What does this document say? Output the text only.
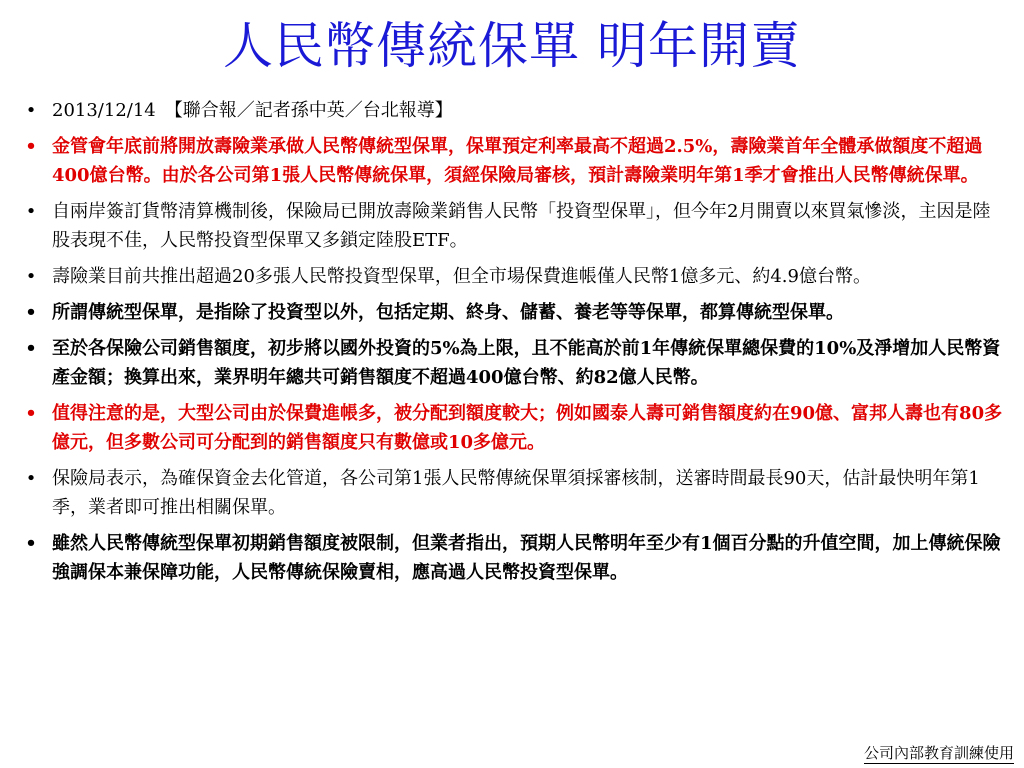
人民幣傳統保單 明年開賣
• 2013/12/14　【聯合報／記者孫中英／台北報導】
• 金管會年底前將開放壽險業承做人民幣傳統型保單，保單預定利率最高不超過2.5%，壽險業首年全體承做額度不超過400億台幣。由於各公司第1張人民幣傳統保單，須經保險局審核，預計壽險業明年第1季才會推出人民幣傳統保單。
• 自兩岸簽訂貨幣清算機制後，保險局已開放壽險業銷售人民幣「投資型保單」，但今年2月開賣以來買氣慘淡，主因是陸股表現不佳，人民幣投資型保單又多鎖定陸股ETF。
• 壽險業目前共推出超過20多張人民幣投資型保單，但全市場保費進帳僅人民幣1億多元、約4.9億台幣。
• 所謂傳統型保單，是指除了投資型以外，包括定期、終身、儲蓄、養老等等保單，都算傳統型保單。
• 至於各保險公司銷售額度，初步將以國外投資的5%為上限，且不能高於前1年傳統保單總保費的10%及淨增加人民幣資產金額；換算出來，業界明年總共可銷售額度不超過400億台幣、約82億人民幣。
• 值得注意的是，大型公司由於保費進帳多，被分配到額度較大；例如國泰人壽可銷售額度約在90億、富邦人壽也有80多億元，但多數公司可分配到的銷售額度只有數億或10多億元。
• 保險局表示，為確保資金去化管道，各公司第1張人民幣傳統保單須採審核制，送審時間最長90天，估計最快明年第1季，業者即可推出相關保單。
• 雖然人民幣傳統型保單初期銷售額度被限制，但業者指出，預期人民幣明年至少有1個百分點的升值空間，加上傳統保險強調保本兼保障功能，人民幣傳統保險賣相，應高過人民幣投資型保單。
公司內部教育訓練使用
